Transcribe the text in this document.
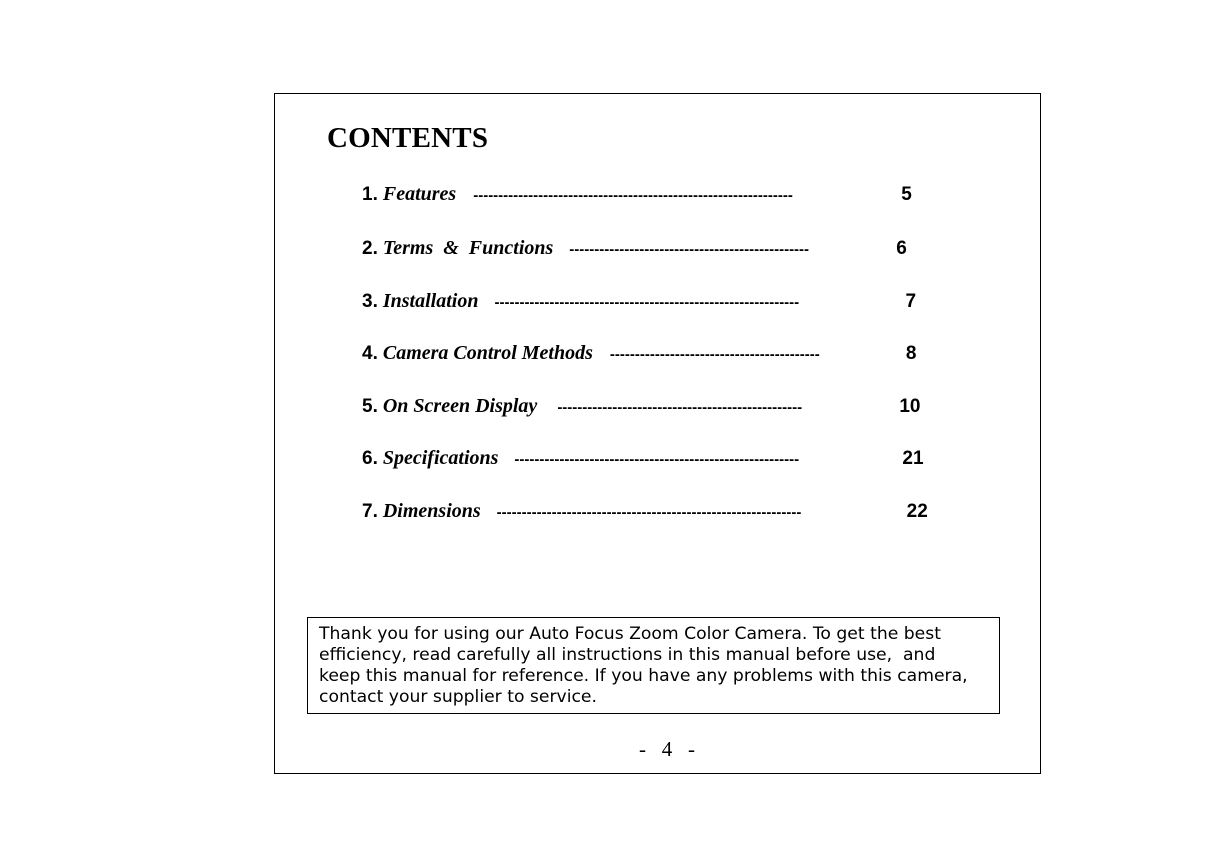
CONTENTS
1. Features ----------------------------------------------------------------	5
2. Terms  &  Functions ------------------------------------------------	6
3. Installation -------------------------------------------------------------	7
4. Camera Control Methods ------------------------------------------	8
5. On Screen Display -------------------------------------------------	10
6. Specifications ---------------------------------------------------------	21
7. Dimensions -------------------------------------------------------------	22
Thank you for using our Auto Focus Zoom Color Camera. To get the best
efficiency, read carefully all instructions in this manual before use,  and
keep this manual for reference. If you have any problems with this camera,
contact your supplier to service.
-   4   -
